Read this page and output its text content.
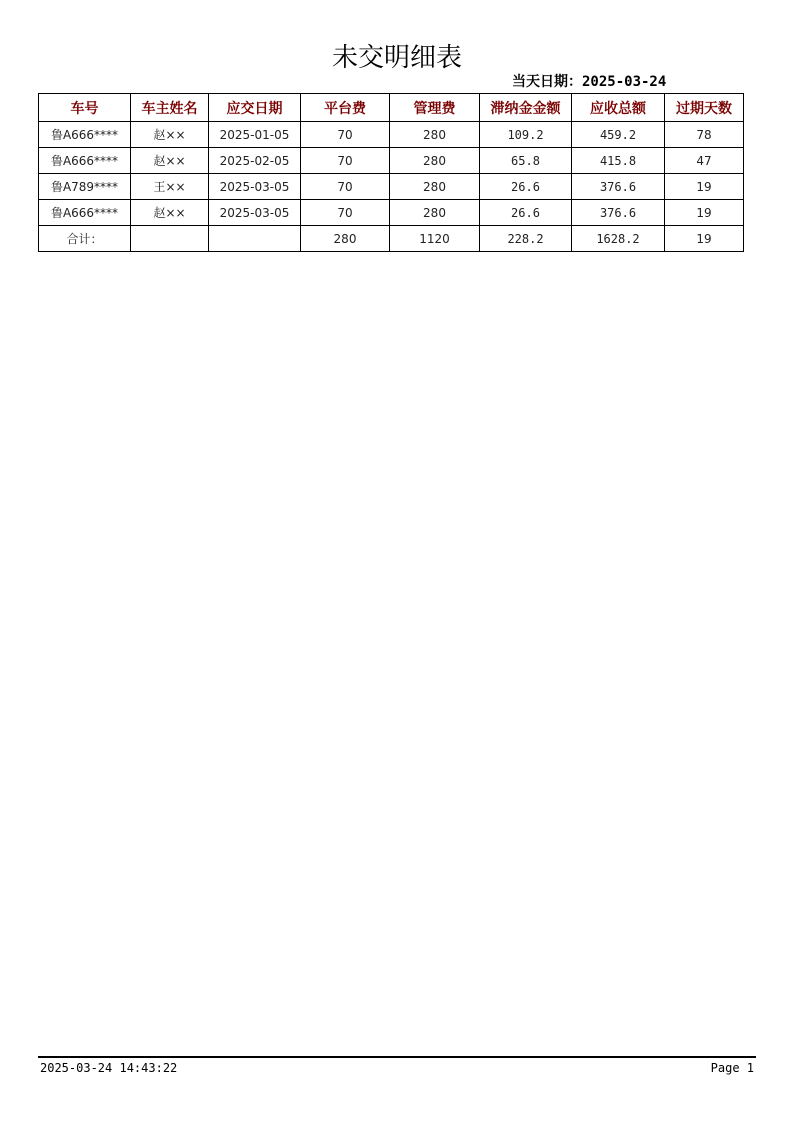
未交明细表
当天日期：2025-03-24
车号	车主姓名	应交日期	平台费	管理费	滞纳金金额	应收总额	过期天数
鲁A666****	赵××	2025-01-05	70	280	109.2	459.2	78
鲁A666****	赵××	2025-02-05	70	280	65.8	415.8	47
鲁A789****	王××	2025-03-05	70	280	26.6	376.6	19
鲁A666****	赵××	2025-03-05	70	280	26.6	376.6	19
合计：			280	1120	228.2	1628.2	19
2025-03-24 14:43:22	Page 1
